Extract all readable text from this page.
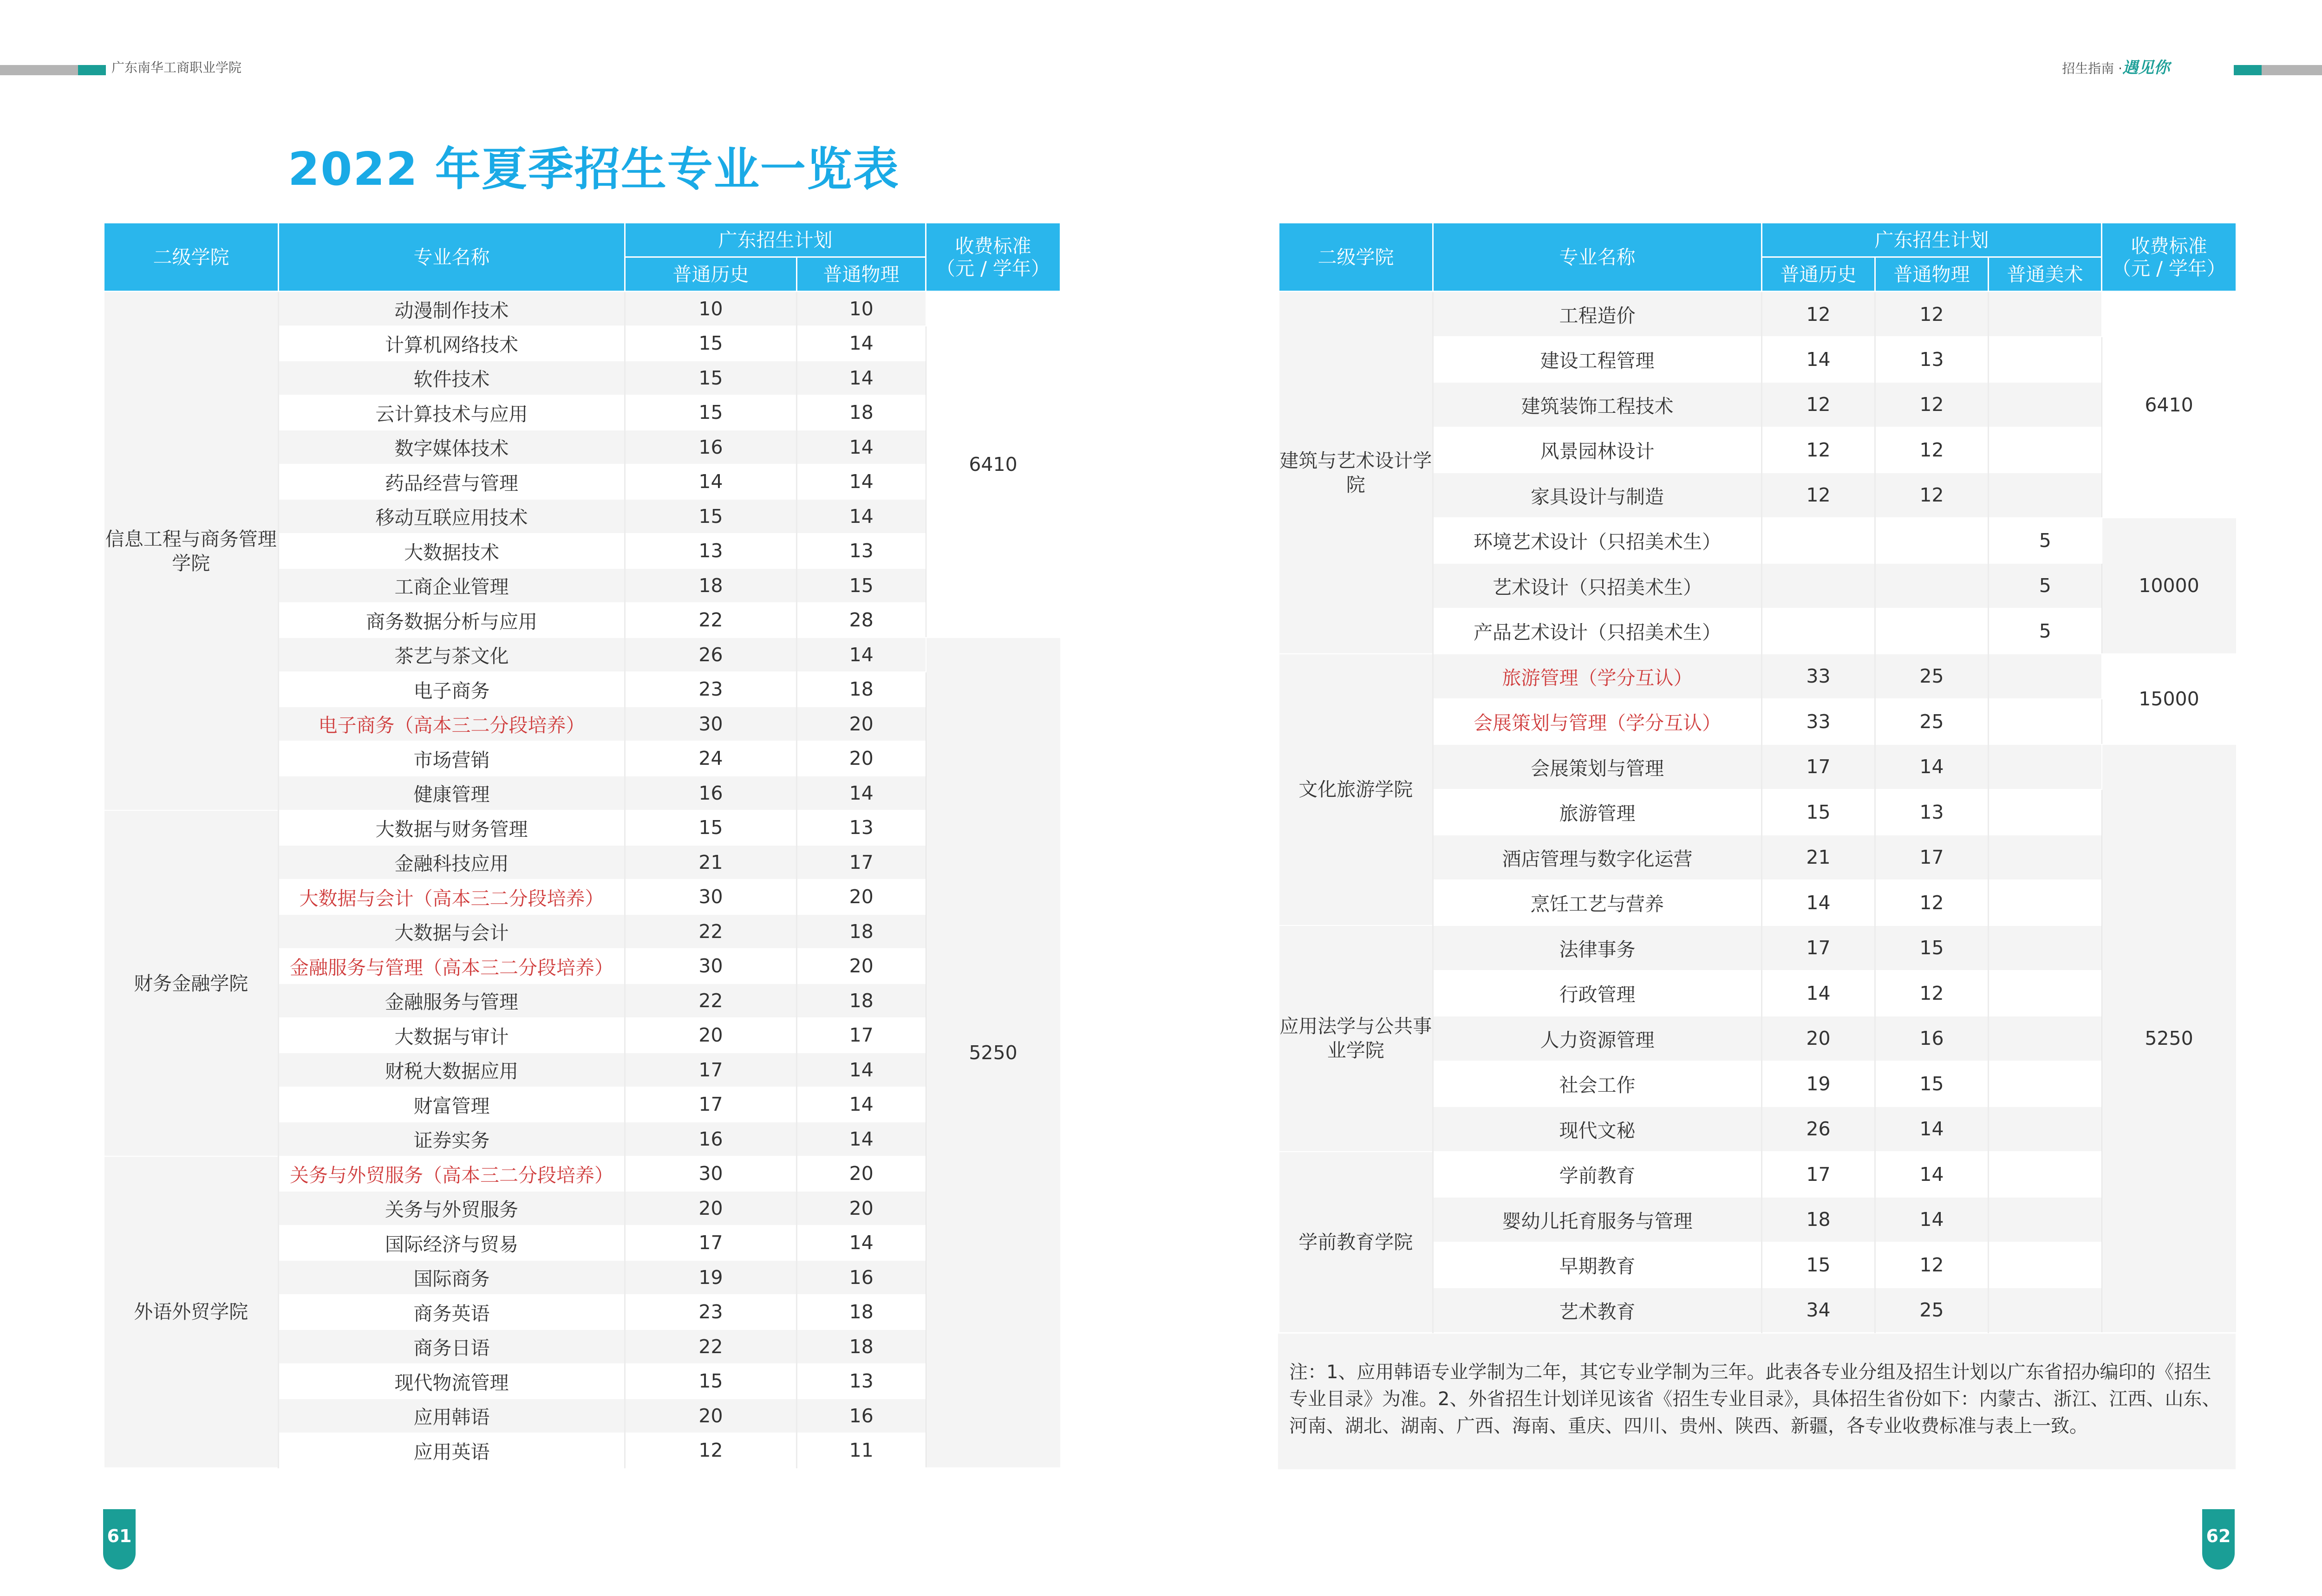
广东南华工商职业学院	招生指南 ·遇见你
2022 年夏季招生专业一览表
二级学院	专业名称	广东招生计划		收费标准
（元 / 学年）

		普通历史	普通物理	
信息工程与商务管理学院	动漫制作技术	10	10	6410
	计算机网络技术	15	14	
	软件技术	15	14	
	云计算技术与应用	15	18	
	数字媒体技术	16	14	
	药品经营与管理	14	14	
	移动互联应用技术	15	14	
	大数据技术	13	13	
	工商企业管理	18	15	
	商务数据分析与应用	22	28	
	茶艺与茶文化	26	14	5250
	电子商务	23	18	
	电子商务（高本三二分段培养）	30	20	
	市场营销	24	20	
	健康管理	16	14	
财务金融学院	大数据与财务管理	15	13	
	金融科技应用	21	17	
	大数据与会计（高本三二分段培养）	30	20	
	大数据与会计	22	18	
	金融服务与管理（高本三二分段培养）	30	20	
	金融服务与管理	22	18	
	大数据与审计	20	17	
	财税大数据应用	17	14	
	财富管理	17	14	
	证券实务	16	14	
外语外贸学院	关务与外贸服务（高本三二分段培养）	30	20	
	关务与外贸服务	20	20	
	国际经济与贸易	17	14	
	国际商务	19	16	
	商务英语	23	18	
	商务日语	22	18	
	现代物流管理	15	13	
	应用韩语	20	16	
	应用英语	12	11	
二级学院	专业名称	广东招生计划			收费标准
（元 / 学年）

		普通历史	普通物理	普通美术	
建筑与艺术设计学院	工程造价	12	12		6410
	建设工程管理	14	13		
	建筑装饰工程技术	12	12		
	风景园林设计	12	12		
	家具设计与制造	12	12		
	环境艺术设计（只招美术生）			5	10000
	艺术设计（只招美术生）			5	
	产品艺术设计（只招美术生）			5	
文化旅游学院	旅游管理（学分互认）	33	25		15000
	会展策划与管理（学分互认）	33	25		
	会展策划与管理	17	14		5250
	旅游管理	15	13		
	酒店管理与数字化运营	21	17		
	烹饪工艺与营养	14	12		
应用法学与公共事业学院	法律事务	17	15		
	行政管理	14	12		
	人力资源管理	20	16		
	社会工作	19	15		
	现代文秘	26	14		
学前教育学院	学前教育	17	14		
	婴幼儿托育服务与管理	18	14		
	早期教育	15	12		
	艺术教育	34	25		
注：1、应用韩语专业学制为二年，其它专业学制为三年。此表各专业分组及招生计划以广东省招办编印的《招生专业目录》为准。2、外省招生计划详见该省《招生专业目录》，具体招生省份如下：内蒙古、浙江、江西、山东、河南、湖北、湖南、广西、海南、重庆、四川、贵州、陕西、新疆，各专业收费标准与表上一致。
61	62
